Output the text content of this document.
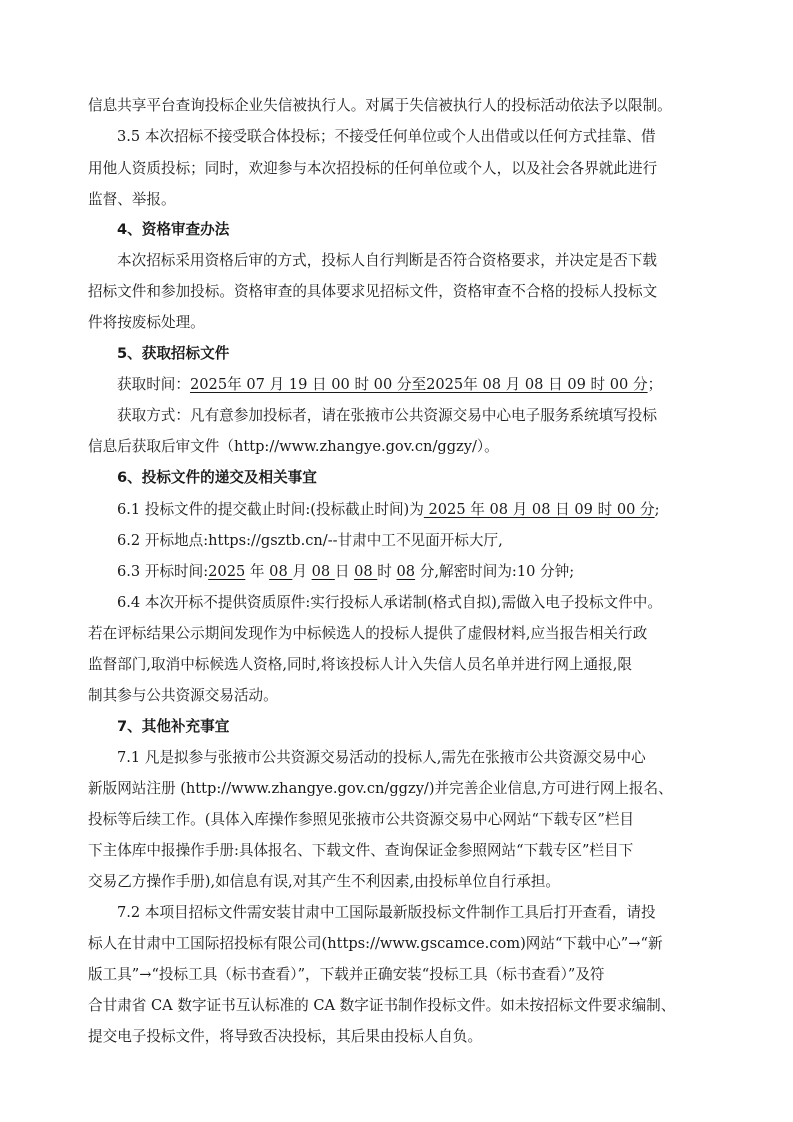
信息共享平台查询投标企业失信被执行人。对属于失信被执行人的投标活动依法予以限制。
3.5 本次招标不接受联合体投标；不接受任何单位或个人出借或以任何方式挂靠、借
用他人资质投标；同时，欢迎参与本次招投标的任何单位或个人，以及社会各界就此进行
监督、举报。
4、资格审查办法
本次招标采用资格后审的方式，投标人自行判断是否符合资格要求，并决定是否下载
招标文件和参加投标。资格审查的具体要求见招标文件，资格审查不合格的投标人投标文
件将按废标处理。
5、获取招标文件
获取时间：2025年 07 月 19 日 00 时 00 分至2025年 08 月 08 日 09 时 00 分；
获取方式：凡有意参加投标者，请在张掖市公共资源交易中心电子服务系统填写投标
信息后获取后审文件（http://www.zhangye.gov.cn/ggzy/）。
6、投标文件的递交及相关事宜
6.1 投标文件的提交截止时间:(投标截止时间)为 2025 年 08 月 08 日 09 时 00 分;
6.2 开标地点:https://gsztb.cn/--甘肃中工不见面开标大厅,
6.3 开标时间:2025 年 08 月 08 日 08 时 08 分,解密时间为:10 分钟;
6.4 本次开标不提供资质原件:实行投标人承诺制(格式自拟),需做入电子投标文件中。
若在评标结果公示期间发现作为中标候选人的投标人提供了虚假材料,应当报告相关行政
监督部门,取消中标候选人资格,同时,将该投标人计入失信人员名单并进行网上通报,限
制其参与公共资源交易活动。
7、其他补充事宜
7.1 凡是拟参与张掖市公共资源交易活动的投标人,需先在张掖市公共资源交易中心
新版网站注册 (http://www.zhangye.gov.cn/ggzy/)并完善企业信息,方可进行网上报名、
投标等后续工作。(具体入库操作参照见张掖市公共资源交易中心网站“下载专区”栏目
下主体库中报操作手册:具体报名、下载文件、查询保证金参照网站“下载专区”栏目下
交易乙方操作手册),如信息有误,对其产生不利因素,由投标单位自行承担。
7.2 本项目招标文件需安装甘肃中工国际最新版投标文件制作工具后打开查看，请投
标人在甘肃中工国际招投标有限公司(https://www.gscamce.com)网站“下载中心”→“新
版工具”→“投标工具（标书查看）”，下载并正确安装“投标工具（标书查看）”及符
合甘肃省 CA 数字证书互认标准的 CA 数字证书制作投标文件。如未按招标文件要求编制、
提交电子投标文件，将导致否决投标，其后果由投标人自负。
